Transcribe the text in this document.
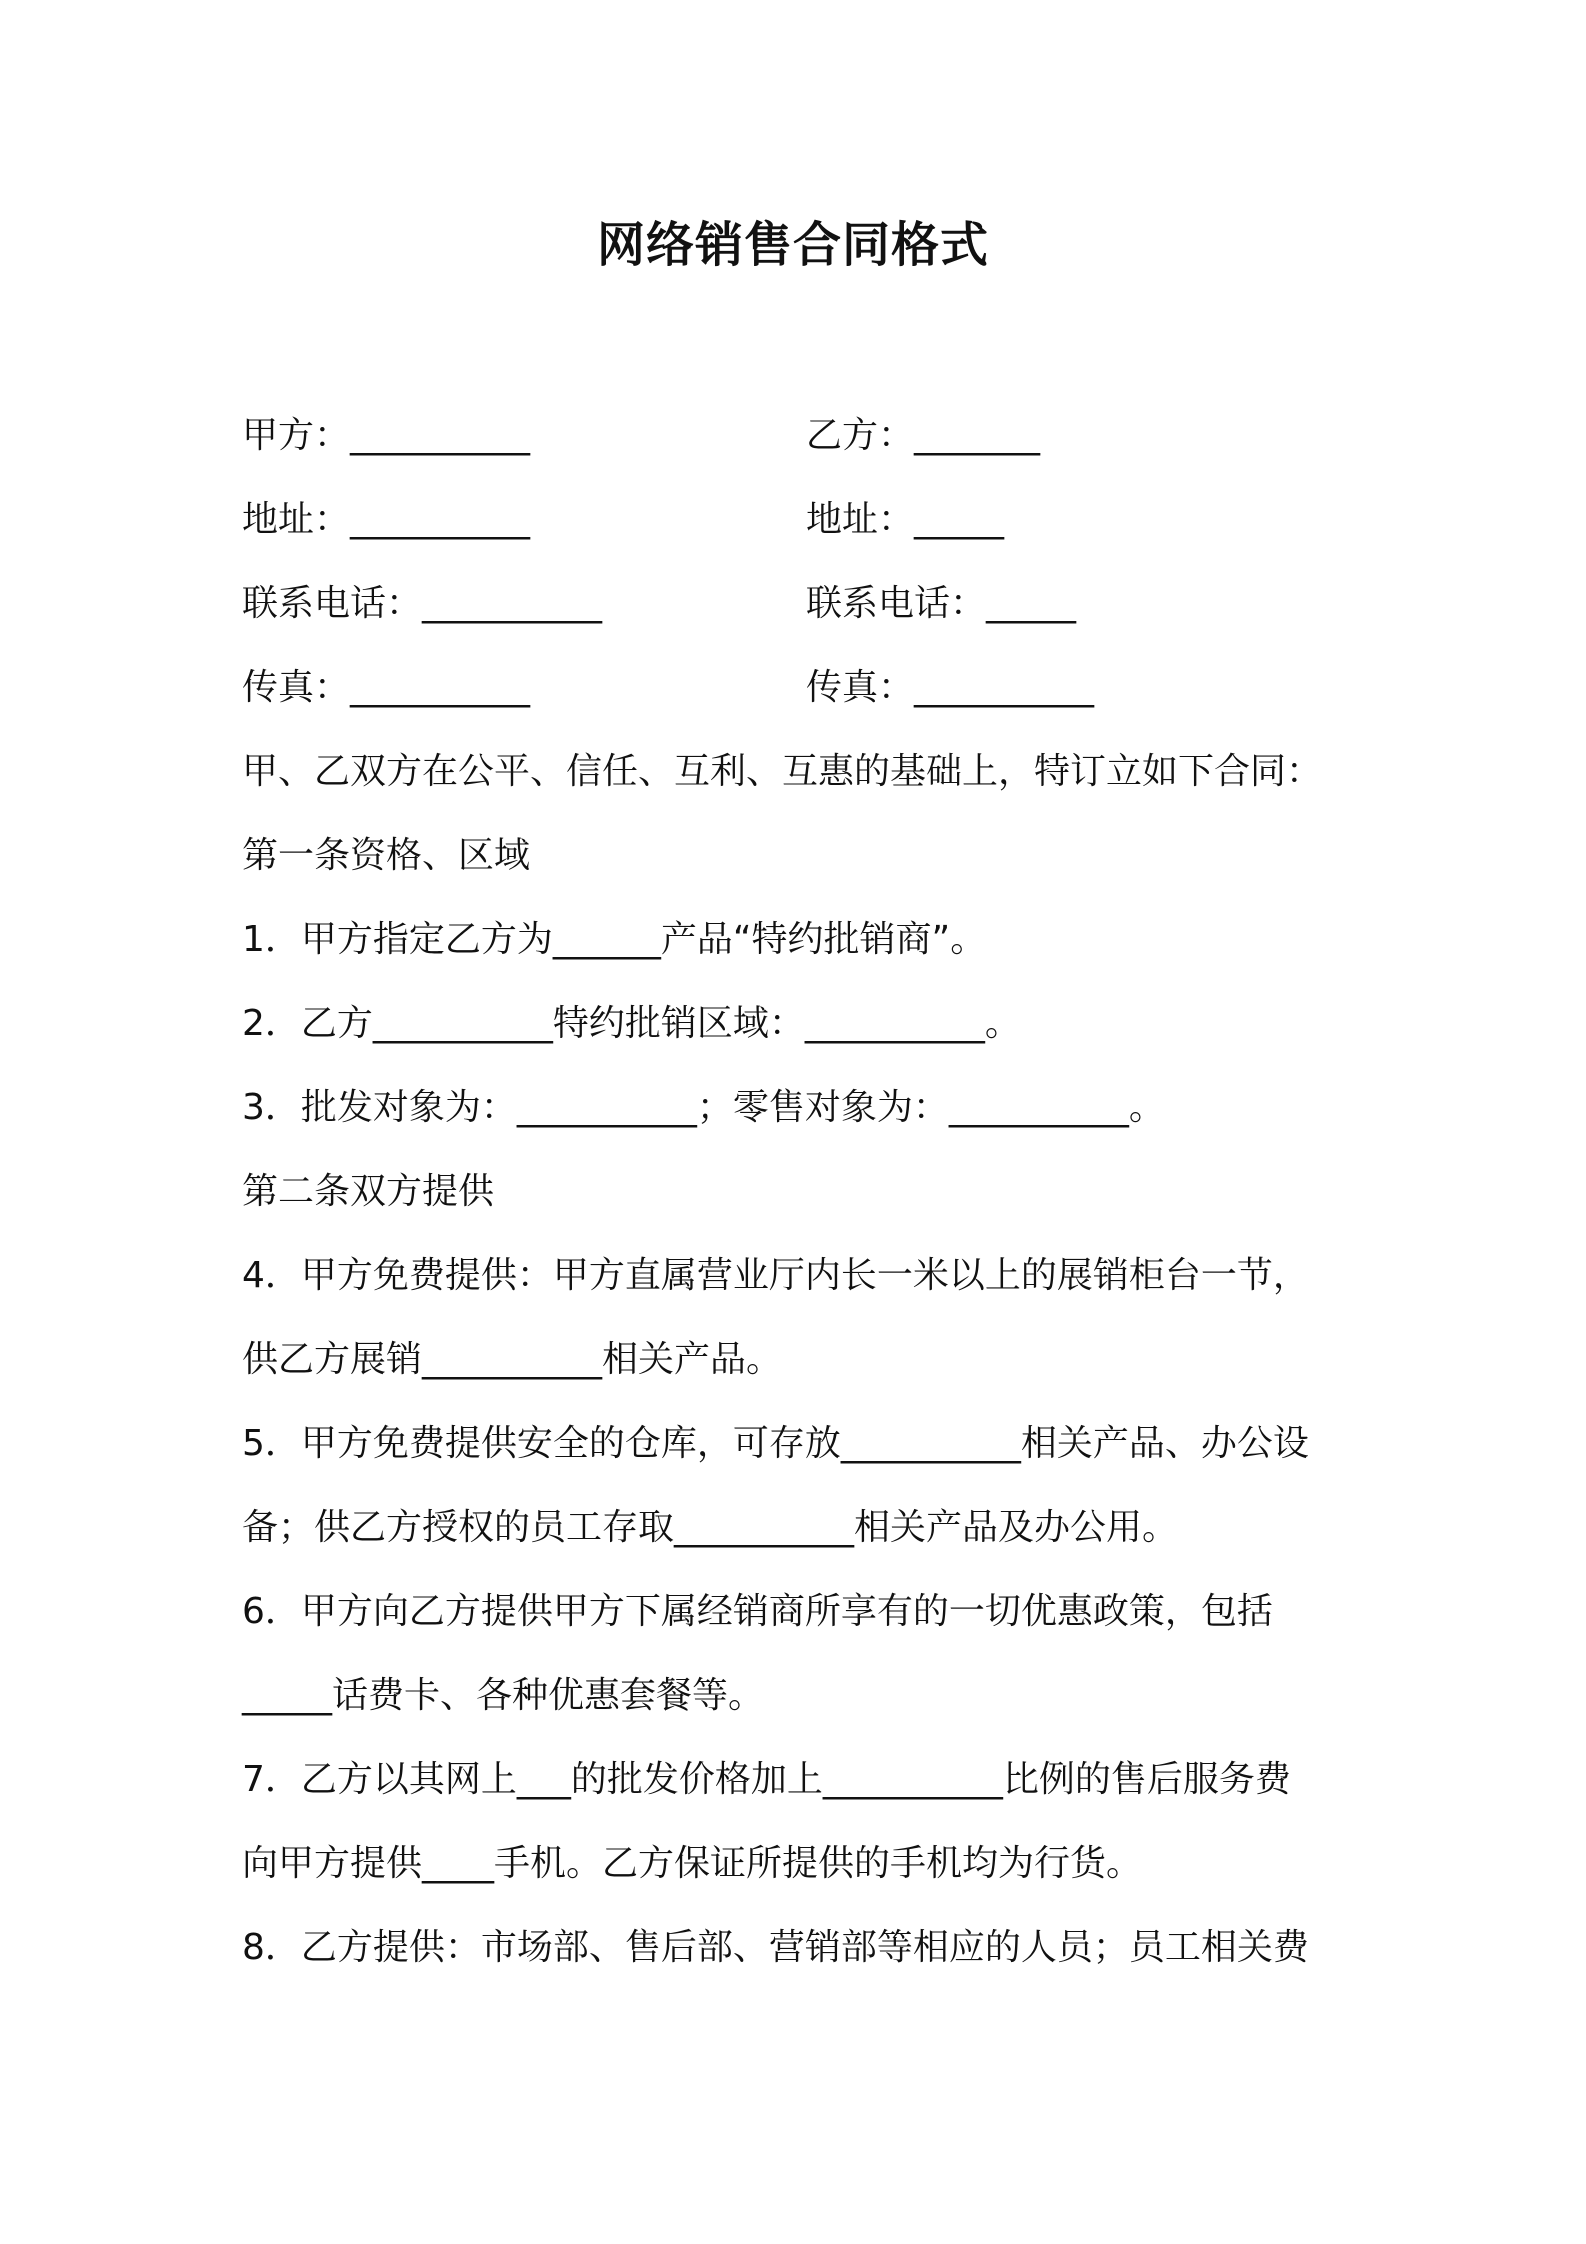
网络销售合同格式
甲方：__________	乙方：_______
地址：__________	地址：_____
联系电话：__________	联系电话：_____
传真：__________	传真：__________
甲、乙双方在公平、信任、互利、互惠的基础上，特订立如下合同：
第一条资格、区域
1．甲方指定乙方为______产品“特约批销商”。
2．乙方__________特约批销区域：__________。
3．批发对象为：__________；零售对象为：__________。
第二条双方提供
4．甲方免费提供：甲方直属营业厅内长一米以上的展销柜台一节，
供乙方展销__________相关产品。
5．甲方免费提供安全的仓库，可存放__________相关产品、办公设
备；供乙方授权的员工存取__________相关产品及办公用。
6．甲方向乙方提供甲方下属经销商所享有的一切优惠政策，包括
_____话费卡、各种优惠套餐等。
7．乙方以其网上___的批发价格加上__________比例的售后服务费
向甲方提供____手机。乙方保证所提供的手机均为行货。
8．乙方提供：市场部、售后部、营销部等相应的人员；员工相关费
